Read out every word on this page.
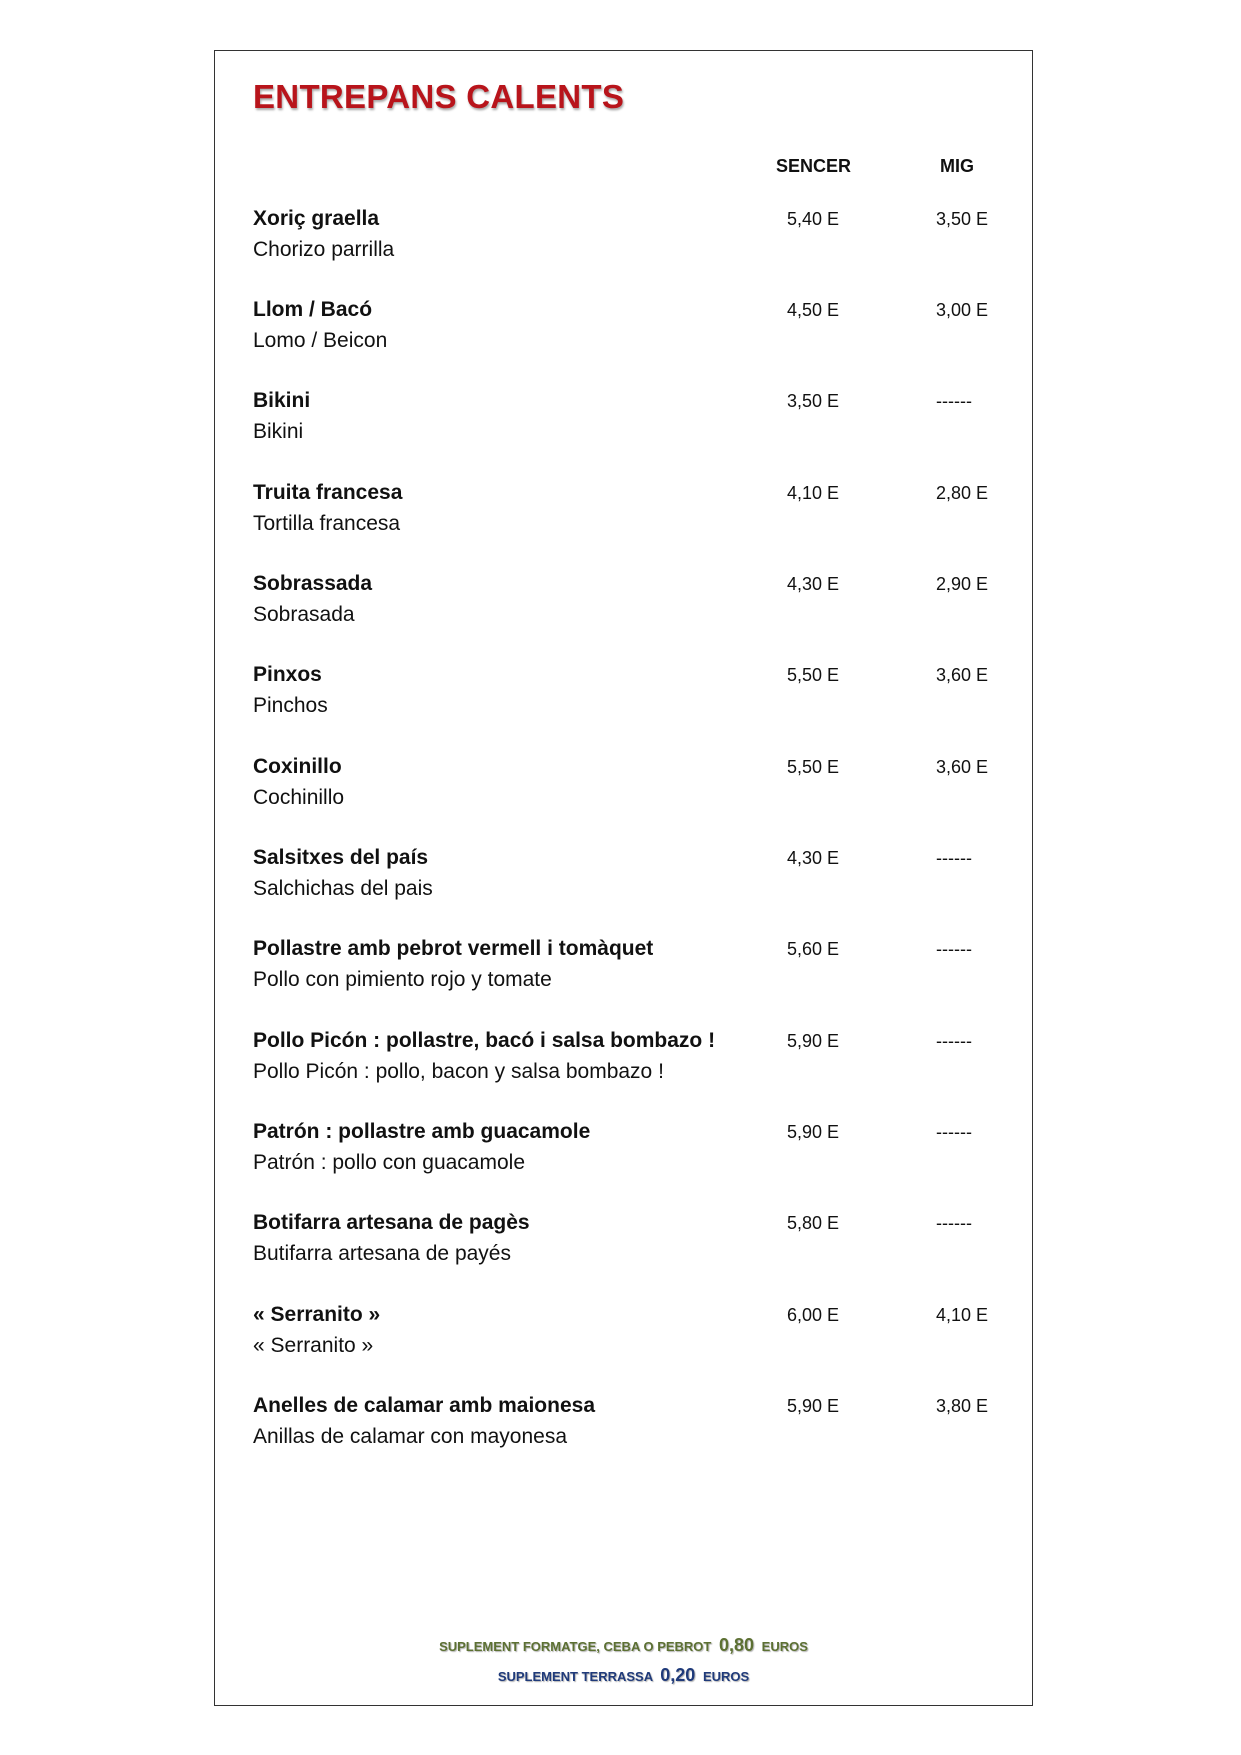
ENTREPANS CALENTS
SENCER	MIG
Xoriç graella
Chorizo parrilla
5,40 E	3,50 E
Llom / Bacó
Lomo / Beicon
4,50 E	3,00 E
Bikini
Bikini
3,50 E	------
Truita francesa
Tortilla francesa
4,10 E	2,80 E
Sobrassada
Sobrasada
4,30 E	2,90 E
Pinxos
Pinchos
5,50 E	3,60 E
Coxinillo
Cochinillo
5,50 E	3,60 E
Salsitxes del país
Salchichas del pais
4,30 E	------
Pollastre amb pebrot vermell i tomàquet
Pollo con pimiento rojo y tomate
5,60 E	------
Pollo Picón : pollastre, bacó i salsa bombazo !
Pollo Picón : pollo, bacon y salsa bombazo !
5,90 E	------
Patrón : pollastre amb guacamole
Patrón : pollo con guacamole
5,90 E	------
Botifarra artesana de pagès
Butifarra artesana de payés
5,80 E	------
« Serranito »
« Serranito »
6,00 E	4,10 E
Anelles de calamar amb maionesa
Anillas de calamar con mayonesa
5,90 E	3,80 E
SUPLEMENT FORMATGE, CEBA O PEBROT 0,80 EUROS
SUPLEMENT TERRASSA 0,20 EUROS
